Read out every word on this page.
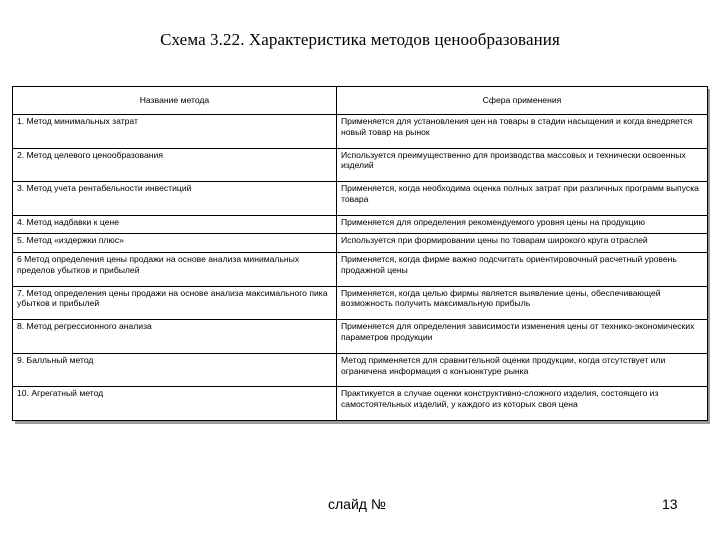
Схема 3.22. Характеристика методов ценообразования
Название метода	Сфера применения
1. Метод минимальных затрат	Применяется для установления цен на товары в стадии насыщения и когда внедряется новый товар на рынок
2. Метод целевого ценообразования	Используется преимущественно для производства массовых и технически освоенных изделий
3. Метод учета рентабельности инвестиций	Применяется, когда необходима оценка полных затрат при различных программ выпуска товара
4. Метод надбавки к цене	Применяется для определения рекомендуемого уровня цены на продукцию
5. Метод «издержки плюс»	Используется при формировании цены по товарам широкого круга отраслей
6 Метод определения цены продажи на основе анализа минимальных пределов убытков и прибылей	Применяется, когда фирме важно подсчитать ориентировочный расчетный уровень продажной цены
7. Метод определения цены продажи на основе анализа максимального пика убытков и прибылей	Применяется, когда целью фирмы является выявление цены, обеспечивающей возможность получить максимальную прибыль
8. Метод регрессионного анализа	Применяется для определения зависимости изменения цены от технико-экономических параметров продукции
9. Балльный метод	Метод применяется для сравнительной оценки продукции, когда отсутствует или ограничена информация о конъюнктуре рынка
10. Агрегатный метод	Практикуется в случае оценки конструктивно-сложного изделия, состоящего из самостоятельных изделий, у каждого из которых своя цена
слайд №	13
